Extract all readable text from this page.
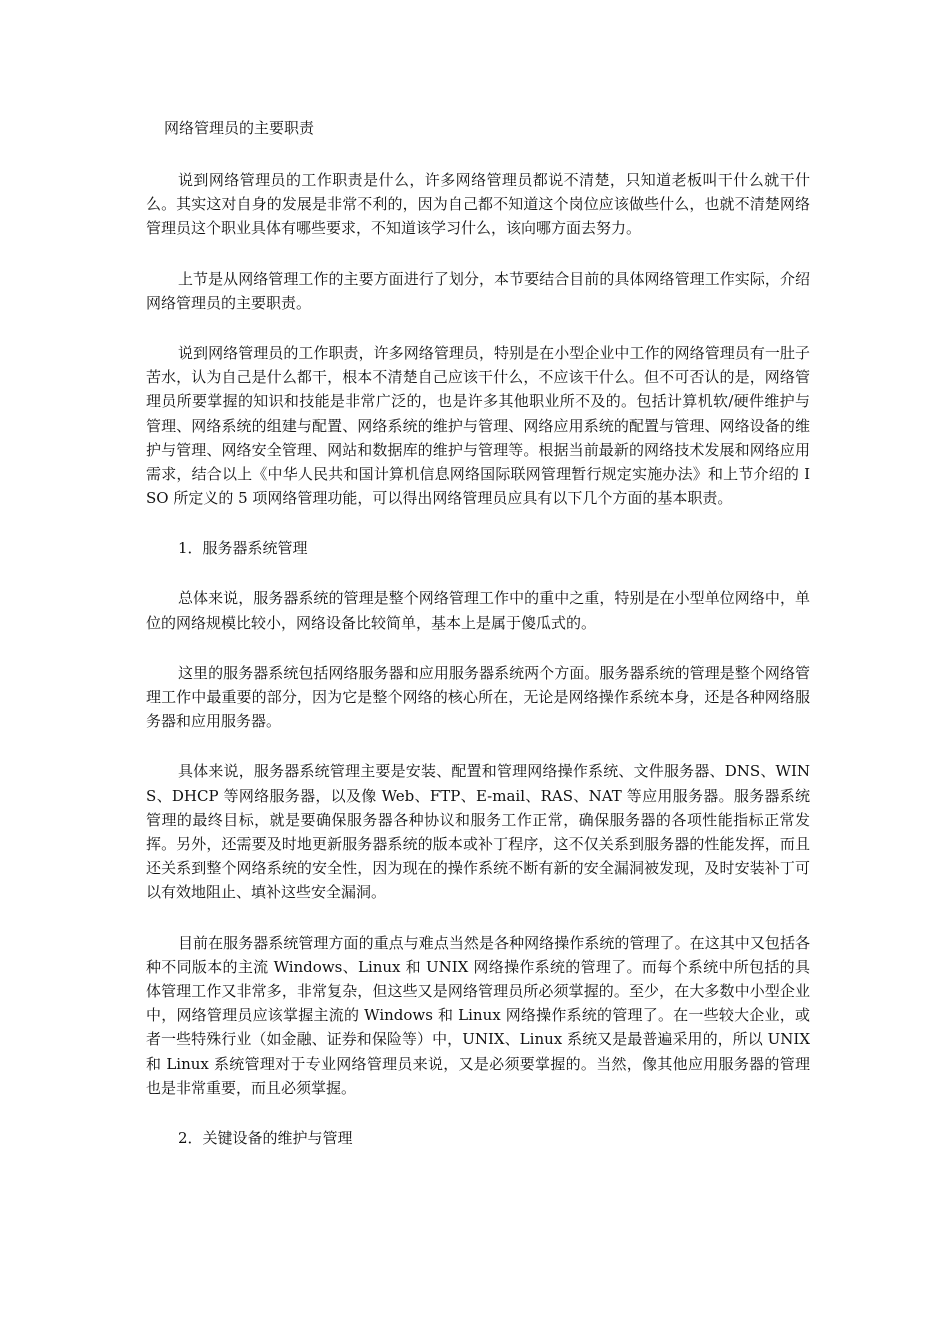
网络管理员的主要职责

说到网络管理员的工作职责是什么，许多网络管理员都说不清楚，只知道老板叫干什么就干什么。其实这对自身的发展是非常不利的，因为自己都不知道这个岗位应该做些什么，也就不清楚网络管理员这个职业具体有哪些要求，不知道该学习什么，该向哪方面去努力。

上节是从网络管理工作的主要方面进行了划分，本节要结合目前的具体网络管理工作实际，介绍网络管理员的主要职责。

说到网络管理员的工作职责，许多网络管理员，特别是在小型企业中工作的网络管理员有一肚子苦水，认为自己是什么都干，根本不清楚自己应该干什么，不应该干什么。但不可否认的是，网络管理员所要掌握的知识和技能是非常广泛的，也是许多其他职业所不及的。包括计算机软/硬件维护与管理、网络系统的组建与配置、网络系统的维护与管理、网络应用系统的配置与管理、网络设备的维护与管理、网络安全管理、网站和数据库的维护与管理等。根据当前最新的网络技术发展和网络应用需求，结合以上《中华人民共和国计算机信息网络国际联网管理暂行规定实施办法》和上节介绍的 ISO 所定义的 5 项网络管理功能，可以得出网络管理员应具有以下几个方面的基本职责。

1．服务器系统管理

总体来说，服务器系统的管理是整个网络管理工作中的重中之重，特别是在小型单位网络中，单位的网络规模比较小，网络设备比较简单，基本上是属于傻瓜式的。

这里的服务器系统包括网络服务器和应用服务器系统两个方面。服务器系统的管理是整个网络管理工作中最重要的部分，因为它是整个网络的核心所在，无论是网络操作系统本身，还是各种网络服务器和应用服务器。

具体来说，服务器系统管理主要是安装、配置和管理网络操作系统、文件服务器、DNS、WINS、DHCP 等网络服务器，以及像 Web、FTP、E-mail、RAS、NAT 等应用服务器。服务器系统管理的最终目标，就是要确保服务器各种协议和服务工作正常，确保服务器的各项性能指标正常发挥。另外，还需要及时地更新服务器系统的版本或补丁程序，这不仅关系到服务器的性能发挥，而且还关系到整个网络系统的安全性，因为现在的操作系统不断有新的安全漏洞被发现，及时安装补丁可以有效地阻止、填补这些安全漏洞。

目前在服务器系统管理方面的重点与难点当然是各种网络操作系统的管理了。在这其中又包括各种不同版本的主流 Windows、Linux 和 UNIX 网络操作系统的管理了。而每个系统中所包括的具体管理工作又非常多，非常复杂，但这些又是网络管理员所必须掌握的。至少，在大多数中小型企业中，网络管理员应该掌握主流的 Windows 和 Linux 网络操作系统的管理了。在一些较大企业，或者一些特殊行业（如金融、证券和保险等）中，UNIX、Linux 系统又是最普遍采用的，所以 UNIX 和 Linux 系统管理对于专业网络管理员来说，又是必须要掌握的。当然，像其他应用服务器的管理也是非常重要，而且必须掌握。

2．关键设备的维护与管理
